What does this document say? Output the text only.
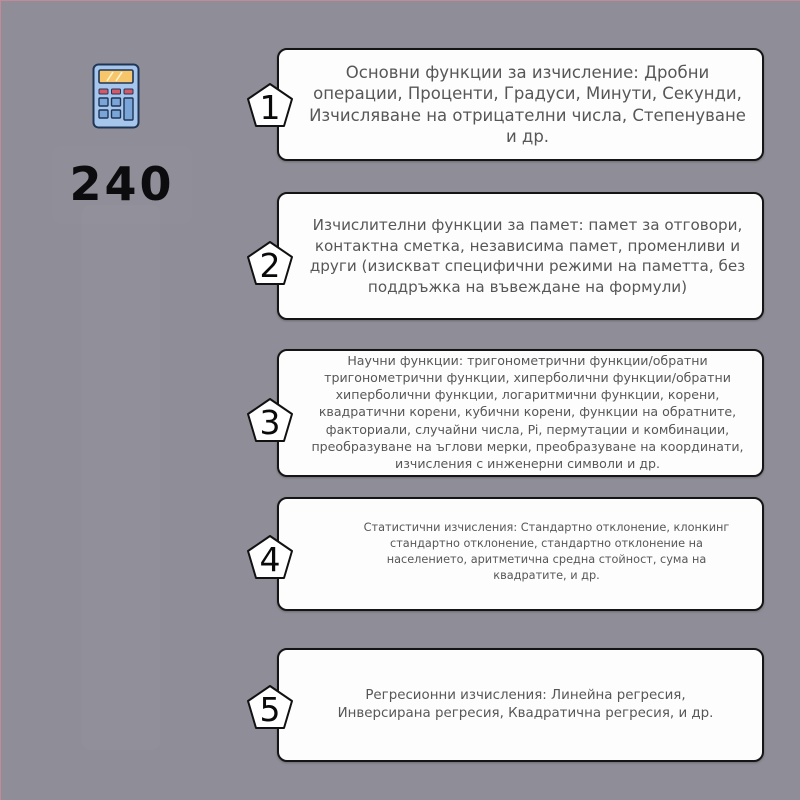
240
Основни функции за изчисление: Дробни операции, Проценти, Градуси, Минути, Секунди, Изчисляване на отрицателни числа, Степенуване и др.
1
Изчислителни функции за памет: памет за отговори, контактна сметка, независима памет, променливи и други (изискват специфични режими на паметта, без поддръжка на въвеждане на формули)
2
Научни функции: тригонометрични функции/обратни тригонометрични функции, хиперболични функции/обратни хиперболични функции, логаритмични функции, корени, квадратични корени, кубични корени, функции на обратните, факториали, случайни числа, Pi, пермутации и комбинации, преобразуване на ъглови мерки, преобразуване на координати, изчисления с инженерни символи и др.
3
Статистични изчисления: Стандартно отклонение, клонкинг стандартно отклонение, стандартно отклонение на населението, аритметична средна стойност, сума на квадратите, и др.
4
Регресионни изчисления: Линейна регресия, Инверсирана регресия, Квадратична регресия, и др.
5
